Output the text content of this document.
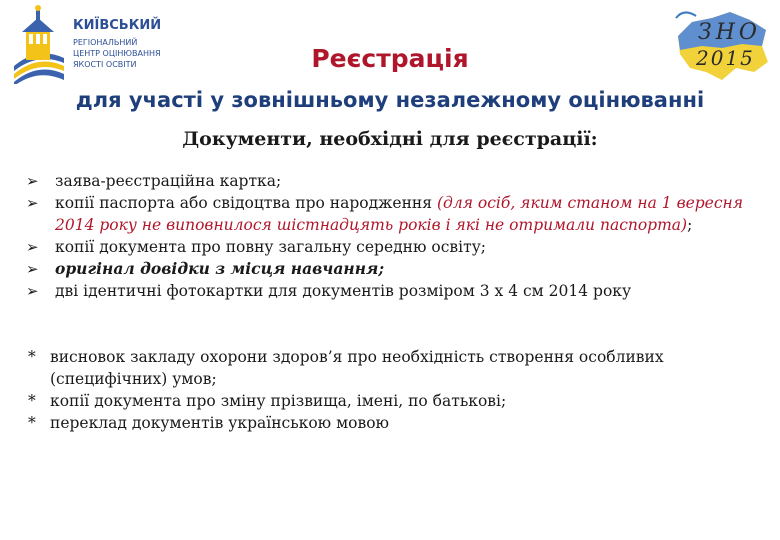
КИЇВСЬКИЙ
РЕГІОНАЛЬНИЙ
ЦЕНТР ОЦІНЮВАННЯ
ЯКОСТІ ОСВІТИ
ЗНО
2015
Реєстрація
для участі у зовнішньому незалежному оцінюванні
Документи, необхідні для реєстрації:
➢ заява-реєстраційна картка;
➢ копії паспорта або свідоцтва про народження (для осіб, яким станом на 1 вересня 2014 року не виповнилося шістнадцять років і які не отримали паспорта);
➢ копії документа про повну загальну середню освіту;
➢ оригінал довідки з місця навчання;
➢ дві ідентичні фотокартки для документів розміром 3 х 4 см 2014 року
* висновок закладу охорони здоров’я про необхідність створення особливих (специфічних) умов;
* копії документа про зміну прізвища, імені, по батькові;
* переклад документів українською мовою
